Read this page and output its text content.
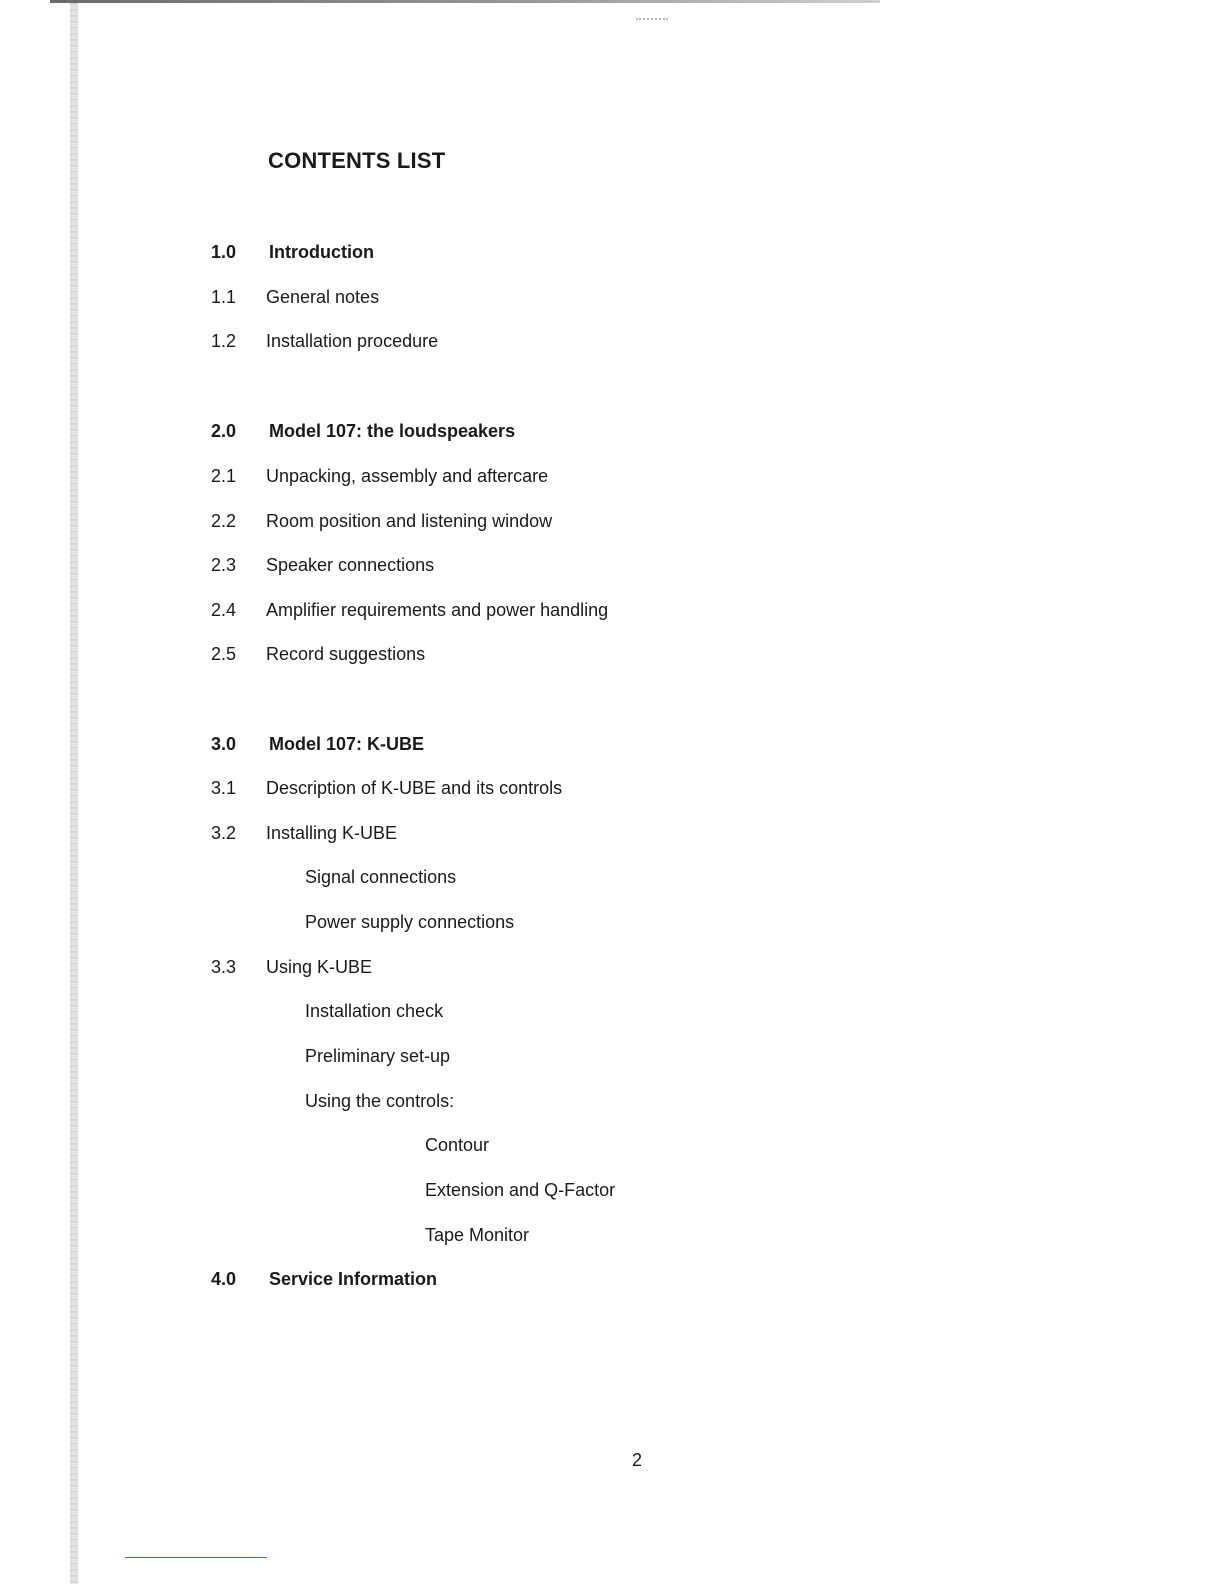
CONTENTS LIST
1.0 Introduction
1.1 General notes
1.2 Installation procedure
2.0 Model 107: the loudspeakers
2.1 Unpacking, assembly and aftercare
2.2 Room position and listening window
2.3 Speaker connections
2.4 Amplifier requirements and power handling
2.5 Record suggestions
3.0 Model 107: K-UBE
3.1 Description of K-UBE and its controls
3.2 Installing K-UBE
Signal connections
Power supply connections
3.3 Using K-UBE
Installation check
Preliminary set-up
Using the controls:
Contour
Extension and Q-Factor
Tape Monitor
4.0 Service Information
2
